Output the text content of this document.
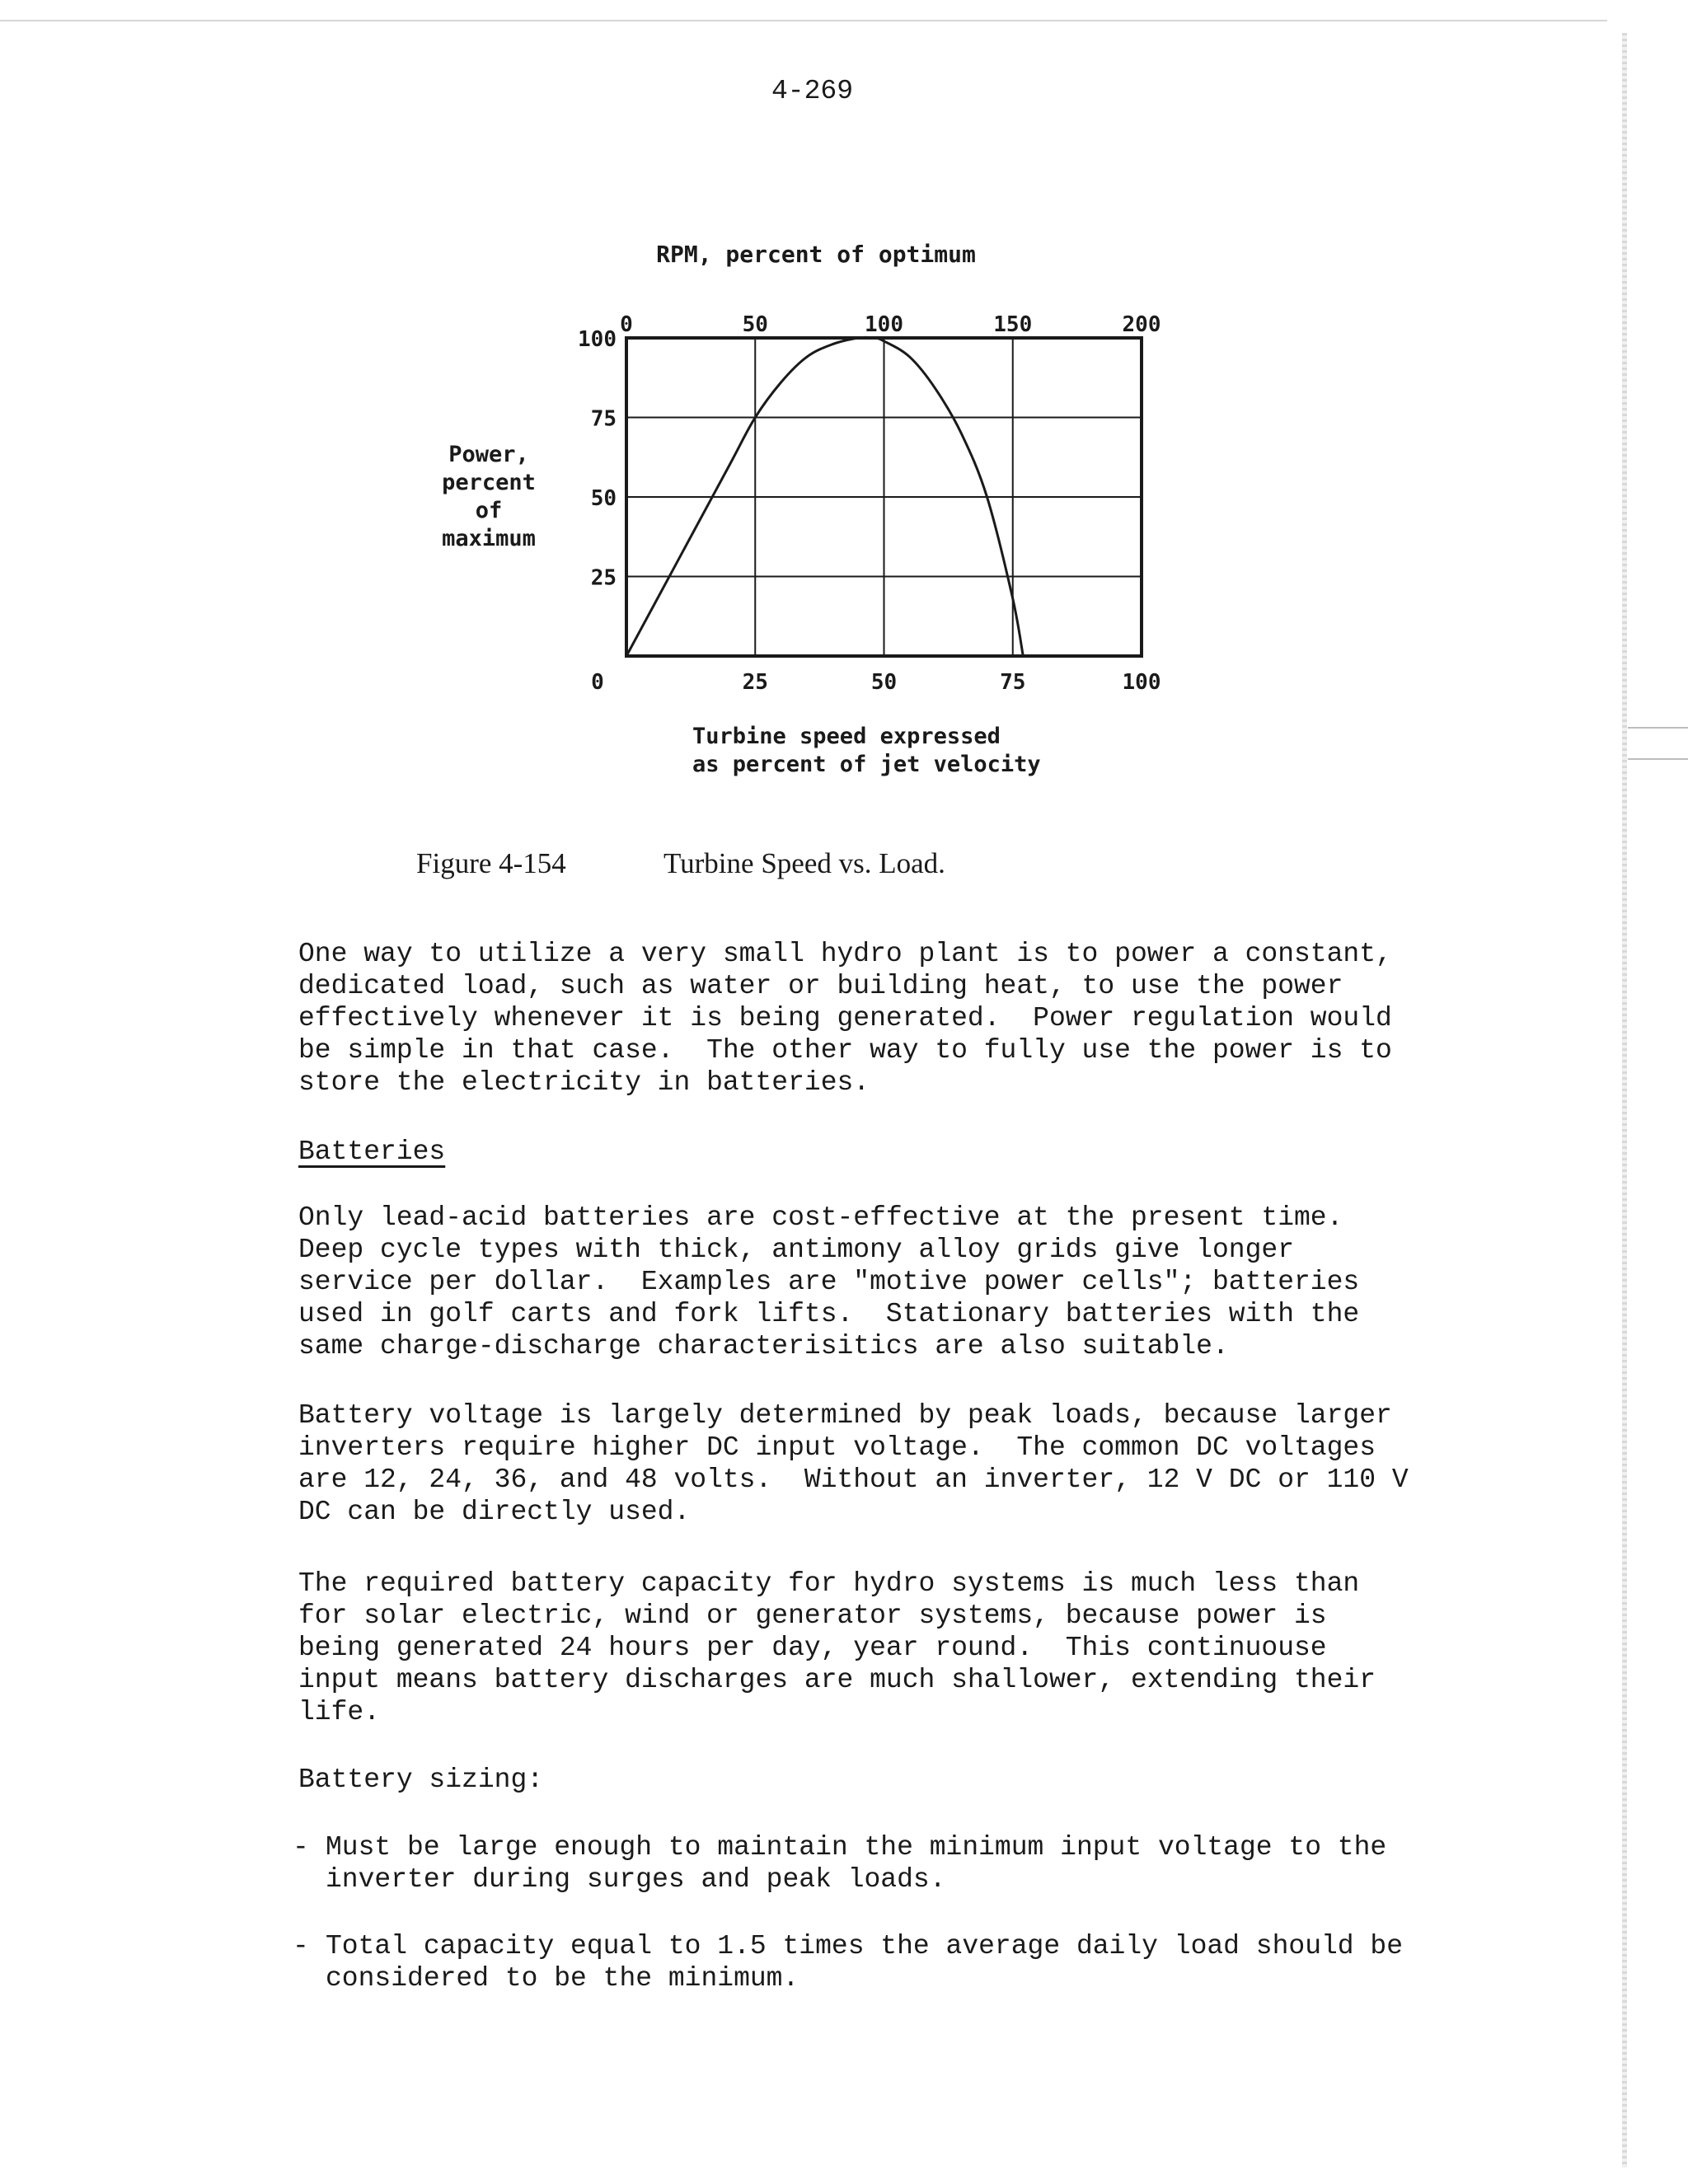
4-269
RPM, percent of optimum
0	50	100	150	200
100
75
50
25
0	25	50	75	100
Power,
percent
of
maximum
Turbine speed expressed
as percent of jet velocity
Figure 4-154	Turbine Speed vs. Load.

One way to utilize a very small hydro plant is to power a constant,
dedicated load, such as water or building heat, to use the power
effectively whenever it is being generated.  Power regulation would
be simple in that case.  The other way to fully use the power is to
store the electricity in batteries.

Batteries

Only lead-acid batteries are cost-effective at the present time.
Deep cycle types with thick, antimony alloy grids give longer
service per dollar.  Examples are "motive power cells"; batteries
used in golf carts and fork lifts.  Stationary batteries with the
same charge-discharge characterisitics are also suitable.

Battery voltage is largely determined by peak loads, because larger
inverters require higher DC input voltage.  The common DC voltages
are 12, 24, 36, and 48 volts.  Without an inverter, 12 V DC or 110 V
DC can be directly used.

The required battery capacity for hydro systems is much less than
for solar electric, wind or generator systems, because power is
being generated 24 hours per day, year round.  This continuouse
input means battery discharges are much shallower, extending their
life.

Battery sizing:

- Must be large enough to maintain the minimum input voltage to the
inverter during surges and peak loads.
- Total capacity equal to 1.5 times the average daily load should be
considered to be the minimum.
